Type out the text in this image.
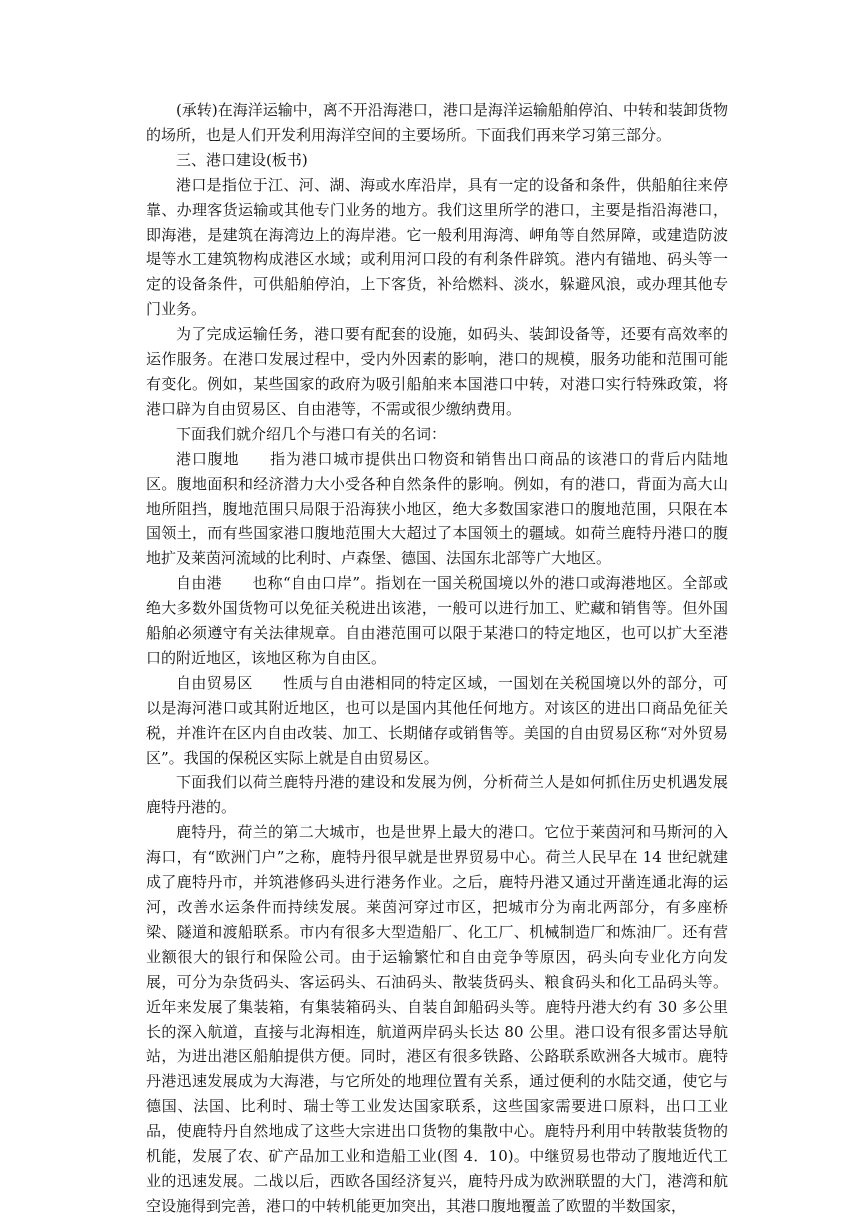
(承转)在海洋运输中，离不开沿海港口，港口是海洋运输船舶停泊、中转和装卸货物的场所，也是人们开发利用海洋空间的主要场所。下面我们再来学习第三部分。

三、港口建设(板书)

港口是指位于江、河、湖、海或水库沿岸，具有一定的设备和条件，供船舶往来停靠、办理客货运输或其他专门业务的地方。我们这里所学的港口，主要是指沿海港口，即海港，是建筑在海湾边上的海岸港。它一般利用海湾、岬角等自然屏障，或建造防波堤等水工建筑物构成港区水域；或利用河口段的有利条件辟筑。港内有锚地、码头等一定的设备条件，可供船舶停泊，上下客货，补给燃料、淡水，躲避风浪，或办理其他专门业务。

为了完成运输任务，港口要有配套的设施，如码头、装卸设备等，还要有高效率的运作服务。在港口发展过程中，受内外因素的影响，港口的规模，服务功能和范围可能有变化。例如，某些国家的政府为吸引船舶来本国港口中转，对港口实行特殊政策，将港口辟为自由贸易区、自由港等，不需或很少缴纳费用。

下面我们就介绍几个与港口有关的名词：

港口腹地 指为港口城市提供出口物资和销售出口商品的该港口的背后内陆地区。腹地面积和经济潜力大小受各种自然条件的影响。例如，有的港口，背面为高大山地所阻挡，腹地范围只局限于沿海狭小地区，绝大多数国家港口的腹地范围，只限在本国领土，而有些国家港口腹地范围大大超过了本国领土的疆域。如荷兰鹿特丹港口的腹地扩及莱茵河流域的比利时、卢森堡、德国、法国东北部等广大地区。

自由港 也称“自由口岸”。指划在一国关税国境以外的港口或海港地区。全部或绝大多数外国货物可以免征关税进出该港，一般可以进行加工、贮藏和销售等。但外国船舶必须遵守有关法律规章。自由港范围可以限于某港口的特定地区，也可以扩大至港口的附近地区，该地区称为自由区。

自由贸易区 性质与自由港相同的特定区域，一国划在关税国境以外的部分，可以是海河港口或其附近地区，也可以是国内其他任何地方。对该区的进出口商品免征关税，并准许在区内自由改装、加工、长期储存或销售等。美国的自由贸易区称“对外贸易区”。我国的保税区实际上就是自由贸易区。

下面我们以荷兰鹿特丹港的建设和发展为例，分析荷兰人是如何抓住历史机遇发展鹿特丹港的。

鹿特丹，荷兰的第二大城市，也是世界上最大的港口。它位于莱茵河和马斯河的入海口，有“欧洲门户”之称，鹿特丹很早就是世界贸易中心。荷兰人民早在 14 世纪就建成了鹿特丹市，并筑港修码头进行港务作业。之后，鹿特丹港又通过开凿连通北海的运河，改善水运条件而持续发展。莱茵河穿过市区，把城市分为南北两部分，有多座桥梁、隧道和渡船联系。市内有很多大型造船厂、化工厂、机械制造厂和炼油厂。还有营业额很大的银行和保险公司。由于运输繁忙和自由竞争等原因，码头向专业化方向发展，可分为杂货码头、客运码头、石油码头、散装货码头、粮食码头和化工品码头等。近年来发展了集装箱，有集装箱码头、自装自卸船码头等。鹿特丹港大约有 30 多公里长的深入航道，直接与北海相连，航道两岸码头长达 80 公里。港口设有很多雷达导航站，为进出港区船舶提供方便。同时，港区有很多铁路、公路联系欧洲各大城市。鹿特丹港迅速发展成为大海港，与它所处的地理位置有关系，通过便利的水陆交通，使它与德国、法国、比利时、瑞士等工业发达国家联系，这些国家需要进口原料，出口工业品，使鹿特丹自然地成了这些大宗进出口货物的集散中心。鹿特丹利用中转散装货物的机能，发展了农、矿产品加工业和造船工业(图 4．10)。中继贸易也带动了腹地近代工业的迅速发展。二战以后，西欧各国经济复兴，鹿特丹成为欧洲联盟的大门，港湾和航空设施得到完善，港口的中转机能更加突出，其港口腹地覆盖了欧盟的半数国家，
